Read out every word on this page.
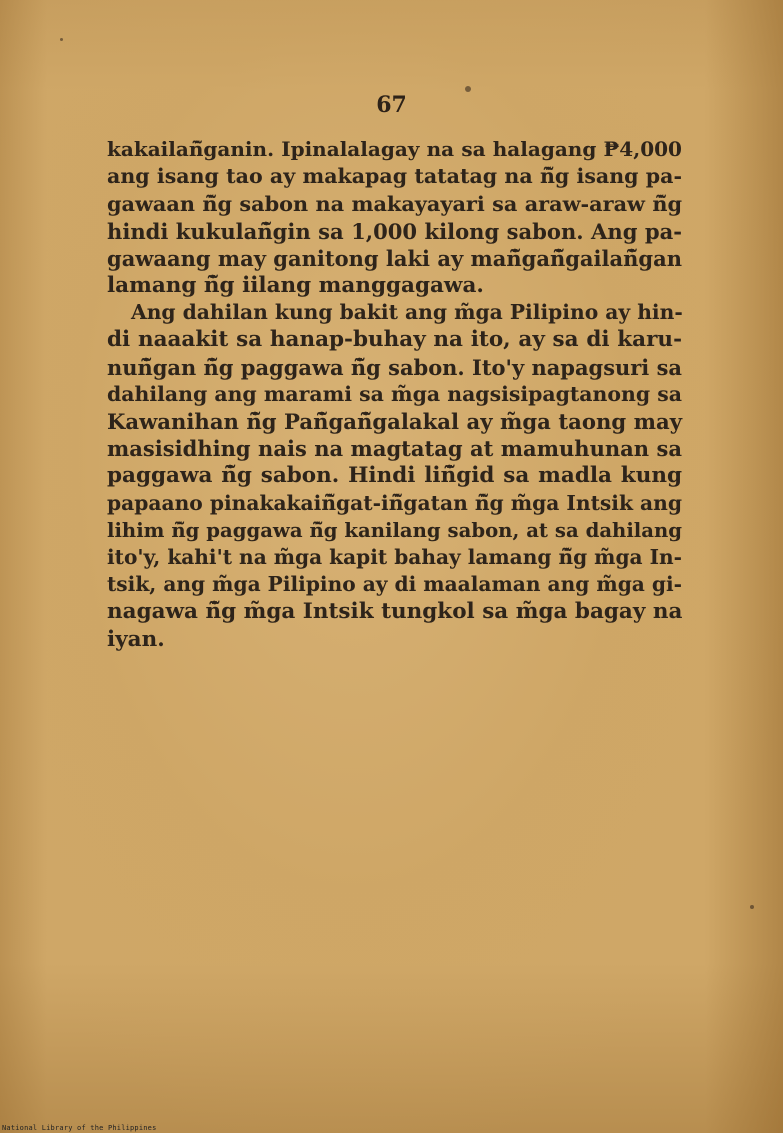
67
kakailañ̃ganin. Ipinalalagay na sa halagang ₱4,000
ang isang tao ay makapag tatatag na ñ̃g isang pa-
gawaan ñ̃g sabon na makayayari sa araw-araw ñ̃g
hindi kukulañ̃gin sa 1,000 kilong sabon. Ang pa-
gawaang may ganitong laki ay mañ̃gañ̃gailañ̃gan
lamang ñ̃g iilang manggagawa.
Ang dahilan kung bakit ang m̃ga Pilipino ay hin-
di naaakit sa hanap-buhay na ito, ay sa di karu-
nuñ̃gan ñ̃g paggawa ñ̃g sabon. Ito'y napagsuri sa
dahilang ang marami sa m̃ga nagsisipagtanong sa
Kawanihan ñ̃g Pañ̃gañ̃galakal ay m̃ga taong may
masisidhing nais na magtatag at mamuhunan sa
paggawa ñ̃g sabon. Hindi liñ̃gid sa madla kung
papaano pinakakaiñ̃gat-iñ̃gatan ñ̃g m̃ga Intsik ang
lihim ñ̃g paggawa ñ̃g kanilang sabon, at sa dahilang
ito'y, kahi't na m̃ga kapit bahay lamang ñ̃g m̃ga In-
tsik, ang m̃ga Pilipino ay di maalaman ang m̃ga gi-
nagawa ñ̃g m̃ga Intsik tungkol sa m̃ga bagay na
iyan.
National Library of the Philippines
